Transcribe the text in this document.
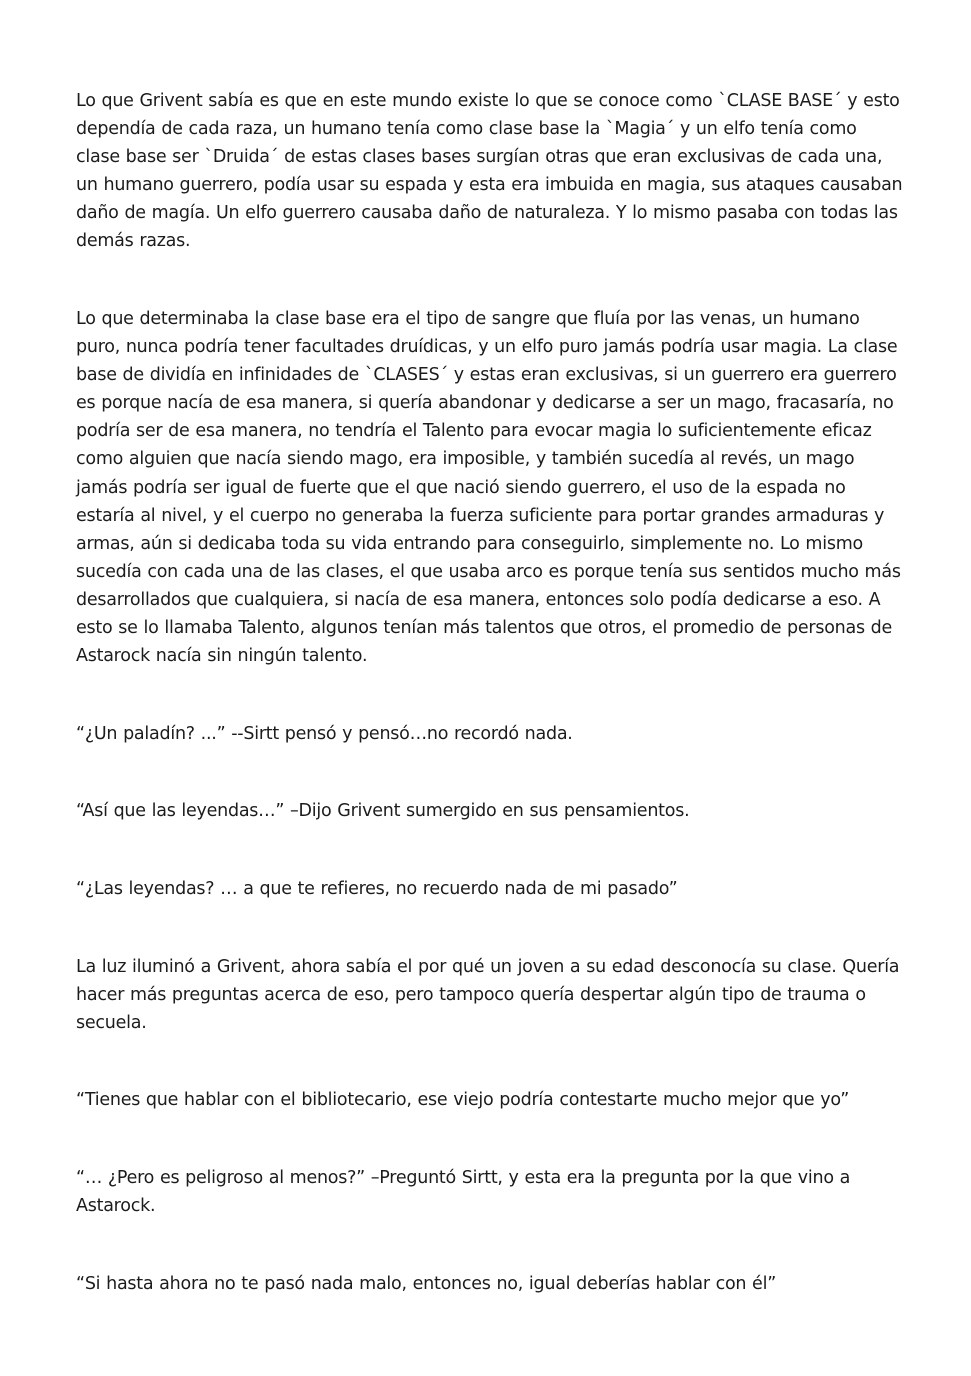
Lo que Grivent sabía es que en este mundo existe lo que se conoce como `CLASE BASE´ y esto dependía de cada raza, un humano tenía como clase base la `Magia´ y un elfo tenía como clase base ser `Druida´ de estas clases bases surgían otras que eran exclusivas de cada una, un humano guerrero, podía usar su espada y esta era imbuida en magia, sus ataques causaban daño de magía. Un elfo guerrero causaba daño de naturaleza. Y lo mismo pasaba con todas las demás razas.

Lo que determinaba la clase base era el tipo de sangre que fluía por las venas, un humano puro, nunca podría tener facultades druídicas, y un elfo puro jamás podría usar magia. La clase base de dividía en infinidades de `CLASES´ y estas eran exclusivas, si un guerrero era guerrero es porque nacía de esa manera, si quería abandonar y dedicarse a ser un mago, fracasaría, no podría ser de esa manera, no tendría el Talento para evocar magia lo suficientemente eficaz como alguien que nacía siendo mago, era imposible, y también sucedía al revés, un mago jamás podría ser igual de fuerte que el que nació siendo guerrero, el uso de la espada no estaría al nivel, y el cuerpo no generaba la fuerza suficiente para portar grandes armaduras y armas, aún si dedicaba toda su vida entrando para conseguirlo, simplemente no. Lo mismo sucedía con cada una de las clases, el que usaba arco es porque tenía sus sentidos mucho más desarrollados que cualquiera, si nacía de esa manera, entonces solo podía dedicarse a eso. A esto se lo llamaba Talento, algunos tenían más talentos que otros, el promedio de personas de Astarock nacía sin ningún talento.

“¿Un paladín? ...” --Sirtt pensó y pensó…no recordó nada.

“Así que las leyendas…” –Dijo Grivent sumergido en sus pensamientos.

“¿Las leyendas? … a que te refieres, no recuerdo nada de mi pasado”

La luz iluminó a Grivent, ahora sabía el por qué un joven a su edad desconocía su clase. Quería hacer más preguntas acerca de eso, pero tampoco quería despertar algún tipo de trauma o secuela.

“Tienes que hablar con el bibliotecario, ese viejo podría contestarte mucho mejor que yo”

“… ¿Pero es peligroso al menos?” –Preguntó Sirtt, y esta era la pregunta por la que vino a Astarock.

“Si hasta ahora no te pasó nada malo, entonces no, igual deberías hablar con él”
